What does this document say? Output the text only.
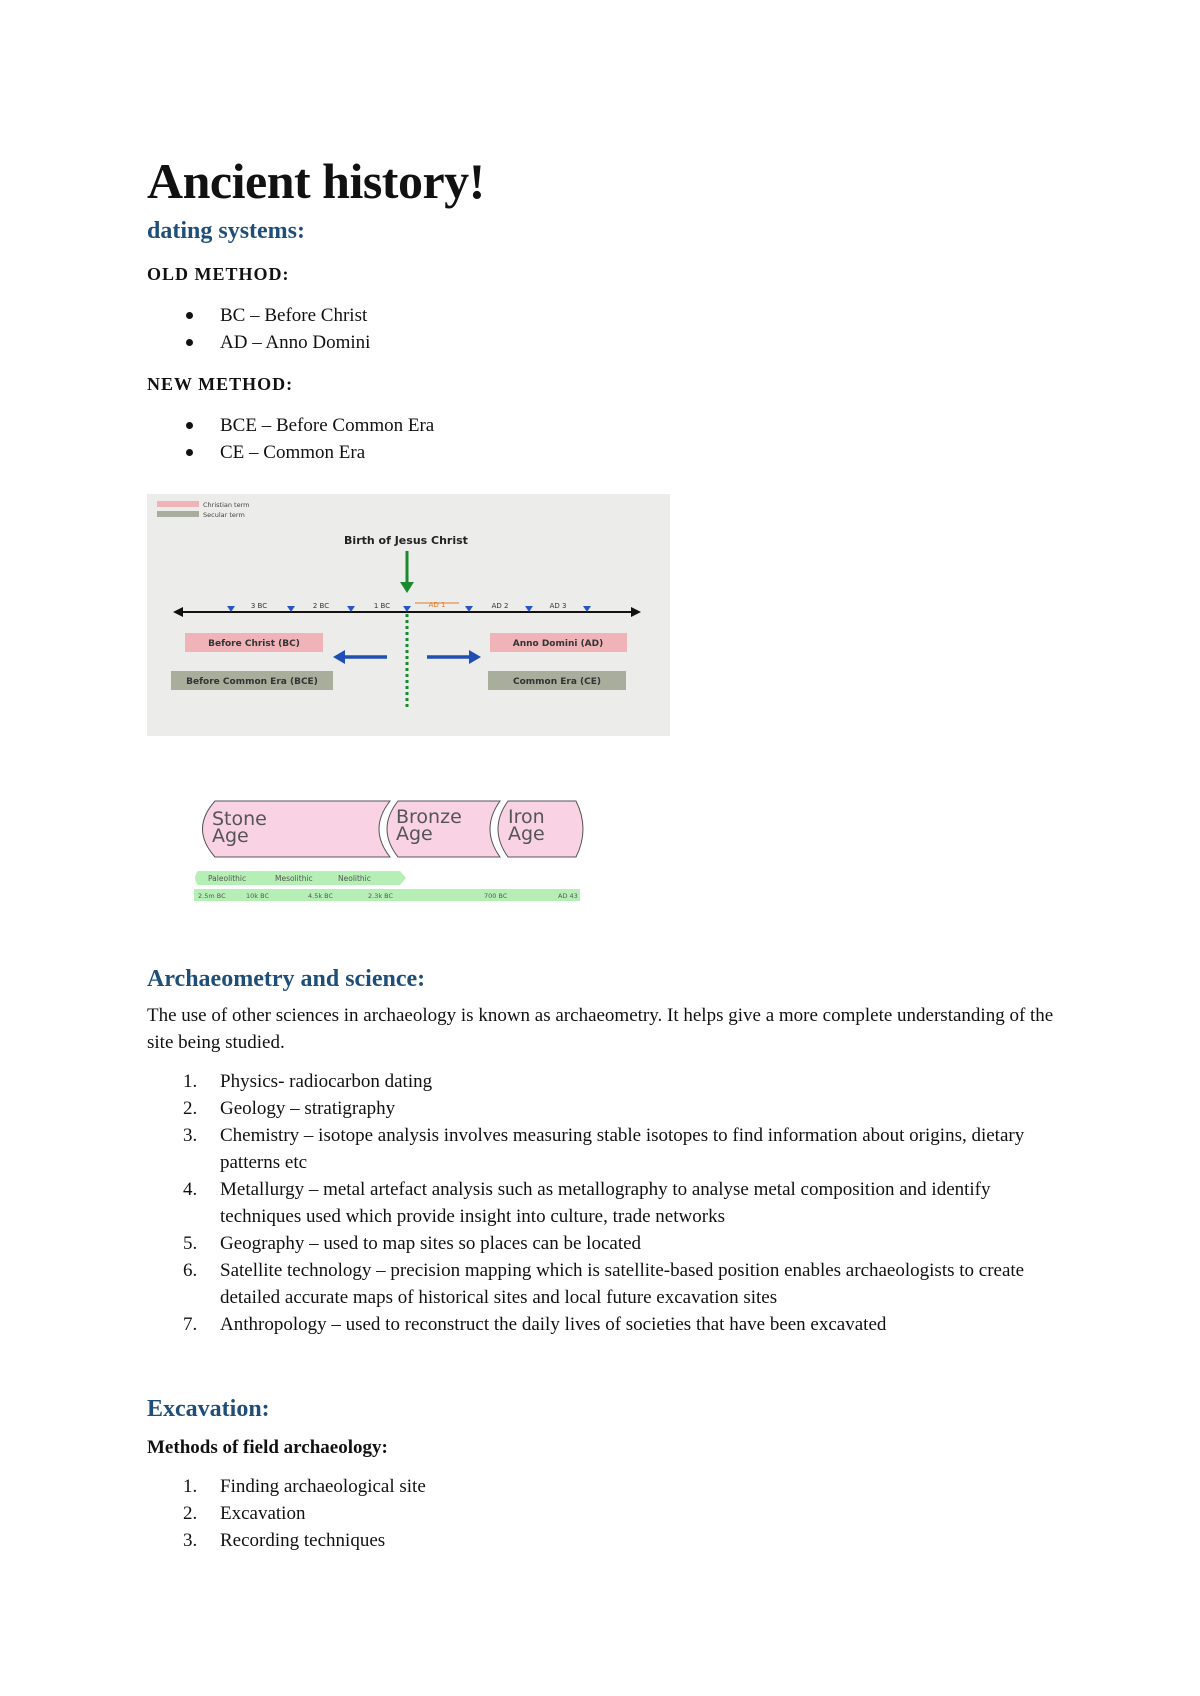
Ancient history!
dating systems:
OLD METHOD:
BC – Before Christ
AD – Anno Domini
NEW METHOD:
BCE – Before Common Era
CE – Common Era
Christian term
Secular term
Birth of Jesus Christ
3 BC	2 BC	1 BC	AD 1	AD 2	AD 3
Before Christ (BC)	Anno Domini (AD)
Before Common Era (BCE)	Common Era (CE)
Stone
Age
Bronze
Age
Iron
Age
Paleolithic	Mesolithic	Neolithic
2.5m BC	10k BC	4.5k BC	2.3k BC	700 BC	AD 43
Archaeometry and science:

The use of other sciences in archaeology is known as archaeometry. It helps give a more complete understanding of the site being studied.

1. Physics- radiocarbon dating
2. Geology – stratigraphy
3. Chemistry – isotope analysis involves measuring stable isotopes to find information about origins, dietary patterns etc
4. Metallurgy – metal artefact analysis such as metallography to analyse metal composition and identify techniques used which provide insight into culture, trade networks
5. Geography – used to map sites so places can be located
6. Satellite technology – precision mapping which is satellite-based position enables archaeologists to create detailed accurate maps of historical sites and local future excavation sites
7. Anthropology – used to reconstruct the daily lives of societies that have been excavated
Excavation:
Methods of field archaeology:
1. Finding archaeological site
2. Excavation
3. Recording techniques
